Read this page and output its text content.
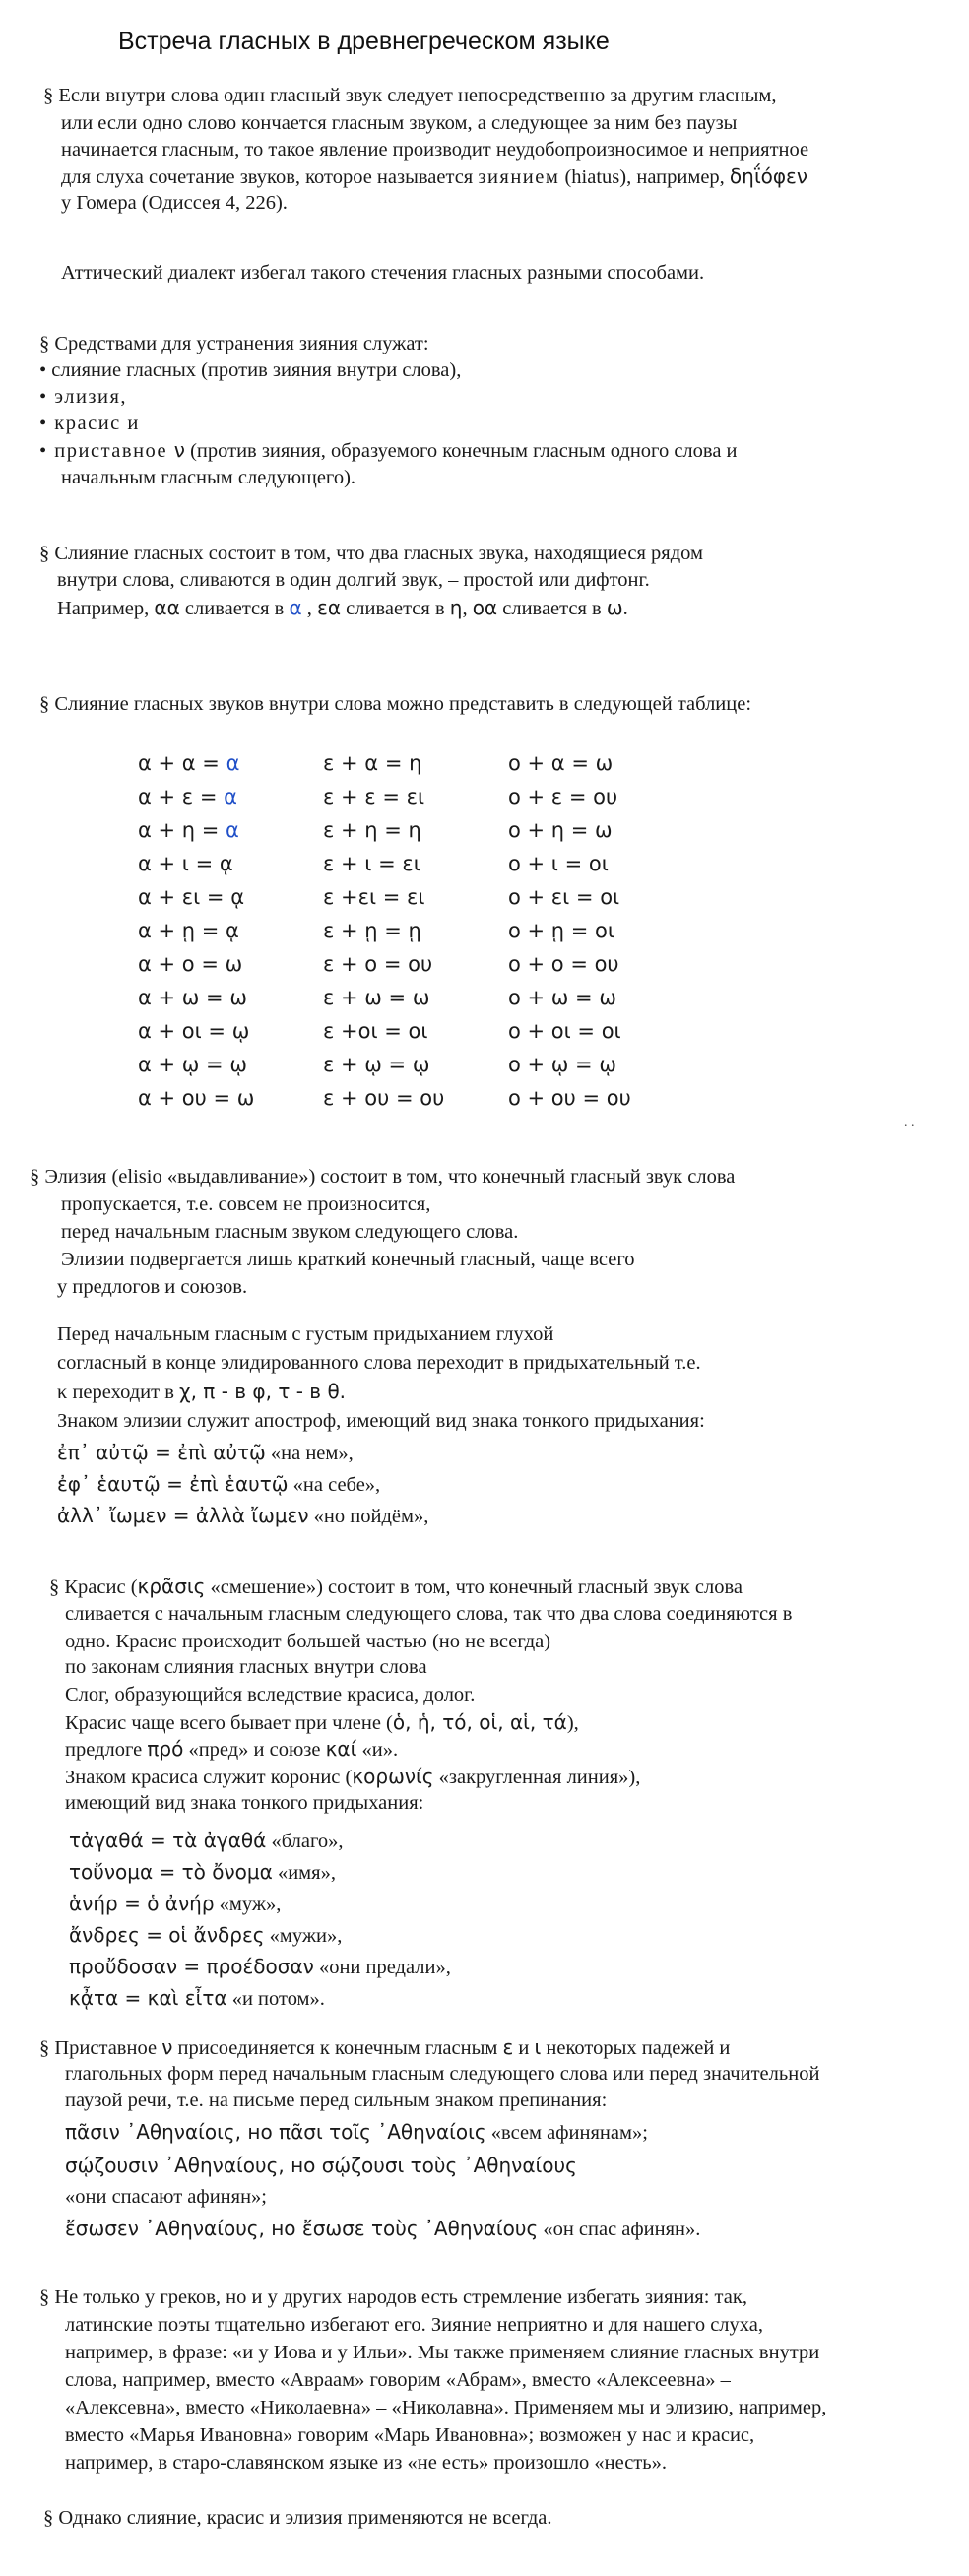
Встреча гласных в древнегреческом языке
§ Если внутри слова один гласный звук следует непосредственно за другим гласным,
или если одно слово кончается гласным звуком, а следующее за ним без паузы
начинается гласным, то такое явление производит неудобопроизносимое и неприятное
для слуха сочетание звуков, которое называется зиянием (hiatus), например, δηΐόφεν
у Гомера (Одиссея 4, 226).
Аттический диалект избегал такого стечения гласных разными способами.
§ Средствами для устранения зияния служат:
• слияние гласных (против зияния внутри слова),
• элизия,
• красис и
• приставное ν (против зияния, образуемого конечным гласным одного слова и
начальным гласным следующего).
§ Слияние гласных состоит в том, что два гласных звука, находящиеся рядом
внутри слова, сливаются в один долгий звук, – простой или дифтонг.
Например, αα сливается в α , εα сливается в η, οα сливается в ω.
§ Слияние гласных звуков внутри слова можно представить в следующей таблице:
α + α = α
α + ε = α
α + η = α
α + ι = ᾳ
α + ει = ᾳ
α + ῃ = ᾳ
α + ο = ω
α + ω = ω
α + οι = ῳ
α + ῳ = ῳ
α + ου = ω
ε + α = η
ε + ε = ει
ε + η = η
ε + ι = ει
ε +ει = ει
ε + ῃ = ῃ
ε + ο = ου
ε + ω = ω
ε +οι = οι
ε + ῳ = ῳ
ε + ου = ου
ο + α = ω
ο + ε = ου
ο + η = ω
ο + ι = οι
ο + ει = οι
ο + ῃ = οι
ο + ο = ου
ο + ω = ω
ο + οι = οι
ο + ῳ = ῳ
ο + ου = ου
. .
§ Элизия (elisio «выдавливание») состоит в том, что конечный гласный звук слова
пропускается, т.е. совсем не произносится,
перед начальным гласным звуком следующего слова.
Элизии подвергается лишь краткий конечный гласный, чаще всего
у предлогов и союзов.
Перед начальным гласным с густым придыханием глухой
согласный в конце элидированного слова переходит в придыхательный т.е.
κ переходит в χ, π - в φ, τ - в θ.
Знаком элизии служит апостроф, имеющий вид знака тонкого придыхания:
ἐπ᾽ αὐτῷ = ἐπὶ αὐτῷ «на нем»,
ἐφ᾽ ἑαυτῷ = ἐπὶ ἑαυτῷ «на себе»,
ἀλλ᾽ ἴωμεν = ἀλλὰ ἴωμεν «но пойдём»,
§ Красис (κρᾶσις «смешение») состоит в том, что конечный гласный звук слова
сливается с начальным гласным следующего слова, так что два слова соединяются в
одно. Красис происходит большей частью (но не всегда)
по законам слияния гласных внутри слова
Слог, образующийся вследствие красиса, долог.
Красис чаще всего бывает при члене (ὁ, ἡ, τό, οἱ, αἱ, τά),
предлоге πρό «пред» и союзе καί «и».
Знаком красиса служит коронис (κορωνίς «закругленная линия»),
имеющий вид знака тонкого придыхания:
τἀγαθά = τὰ ἀγαθά «благо»,
τοὔνομα = τὸ ὄνομα «имя»,
ἁνήρ = ὁ ἀνήρ «муж»,
ἄνδρες = οἱ ἄνδρες «мужи»,
προὔδοσαν = προέδοσαν «они предали»,
κᾆτα = καὶ εἶτα «и потом».
§ Приставное ν присоединяется к конечным гласным ε и ι некоторых падежей и
глагольных форм перед начальным гласным следующего слова или перед значительной
паузой речи, т.е. на письме перед сильным знаком препинания:
πᾶσιν ᾿Αθηναίοις, но πᾶσι τοῖς ᾿Αθηναίοις «всем афинянам»;
σῴζουσιν ᾿Αθηναίους, но σῴζουσι τοὺς ᾿Αθηναίους
«они спасают афинян»;
ἔσωσεν ᾿Αθηναίους, но ἔσωσε τοὺς ᾿Αθηναίους «он спас афинян».
§ Не только у греков, но и у других народов есть стремление избегать зияния: так,
латинские поэты тщательно избегают его. Зияние неприятно и для нашего слуха,
например, в фразе: «и у Иова и у Ильи». Мы также применяем слияние гласных внутри
слова, например, вместо «Авраам» говорим «Абрам», вместо «Алексеевна» –
«Алексевна», вместо «Николаевна» – «Николавна». Применяем мы и элизию, например,
вместо «Марья Ивановна» говорим «Марь Ивановна»; возможен у нас и красис,
например, в старо-славянском языке из «не есть» произошло «несть».
§ Однако слияние, красис и элизия применяются не всегда.
